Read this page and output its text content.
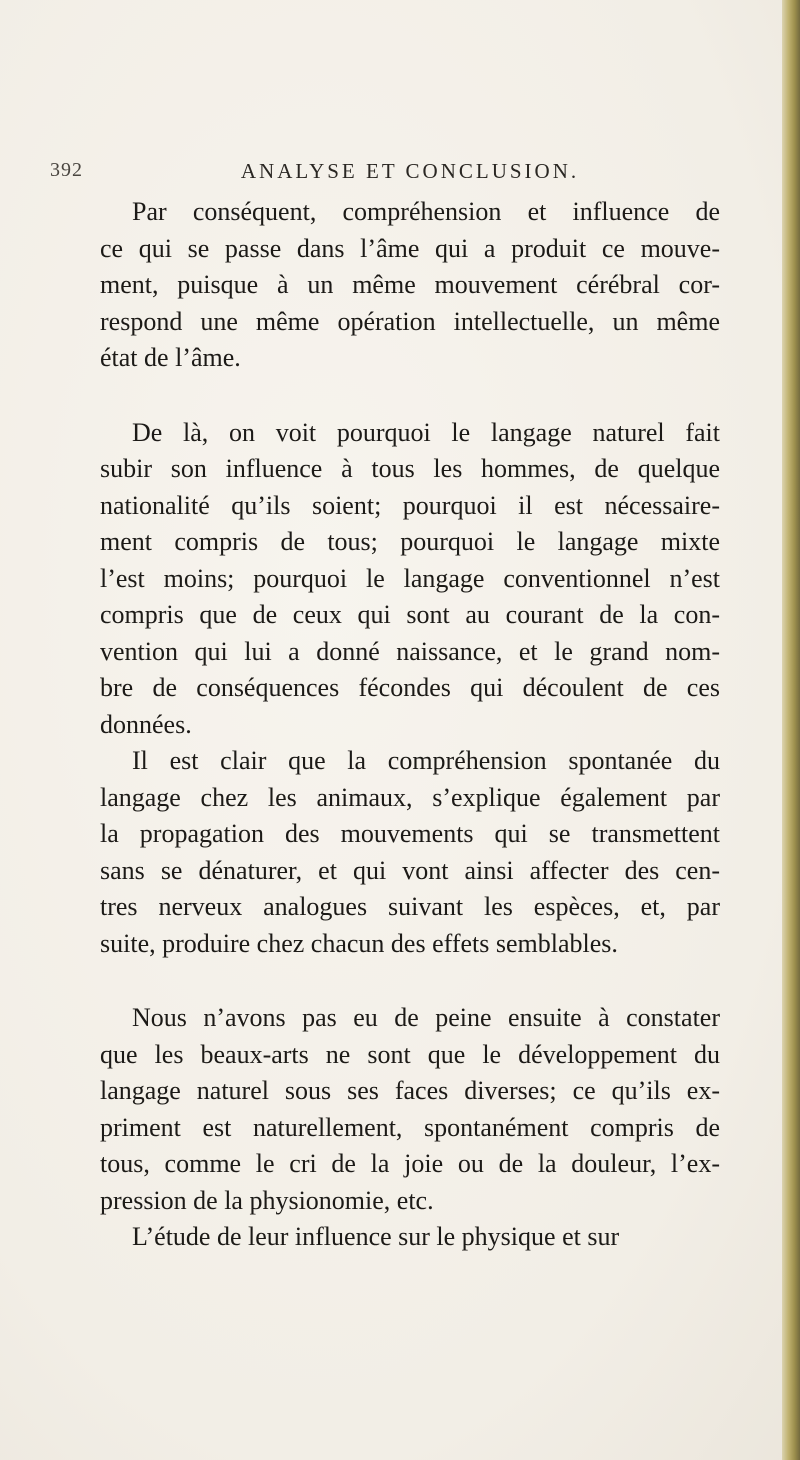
392	ANALYSE ET CONCLUSION.

Par conséquent, compréhension et influence de
ce qui se passe dans l’âme qui a produit ce mouve-
ment, puisque à un même mouvement cérébral cor-
respond une même opération intellectuelle, un même
état de l’âme.

De là, on voit pourquoi le langage naturel fait
subir son influence à tous les hommes, de quelque
nationalité qu’ils soient; pourquoi il est nécessaire-
ment compris de tous; pourquoi le langage mixte
l’est moins; pourquoi le langage conventionnel n’est
compris que de ceux qui sont au courant de la con-
vention qui lui a donné naissance, et le grand nom-
bre de conséquences fécondes qui découlent de ces
données.

Il est clair que la compréhension spontanée du
langage chez les animaux, s’explique également par
la propagation des mouvements qui se transmettent
sans se dénaturer, et qui vont ainsi affecter des cen-
tres nerveux analogues suivant les espèces, et, par
suite, produire chez chacun des effets semblables.

Nous n’avons pas eu de peine ensuite à constater
que les beaux-arts ne sont que le développement du
langage naturel sous ses faces diverses; ce qu’ils ex-
priment est naturellement, spontanément compris de
tous, comme le cri de la joie ou de la douleur, l’ex-
pression de la physionomie, etc.

L’étude de leur influence sur le physique et sur
